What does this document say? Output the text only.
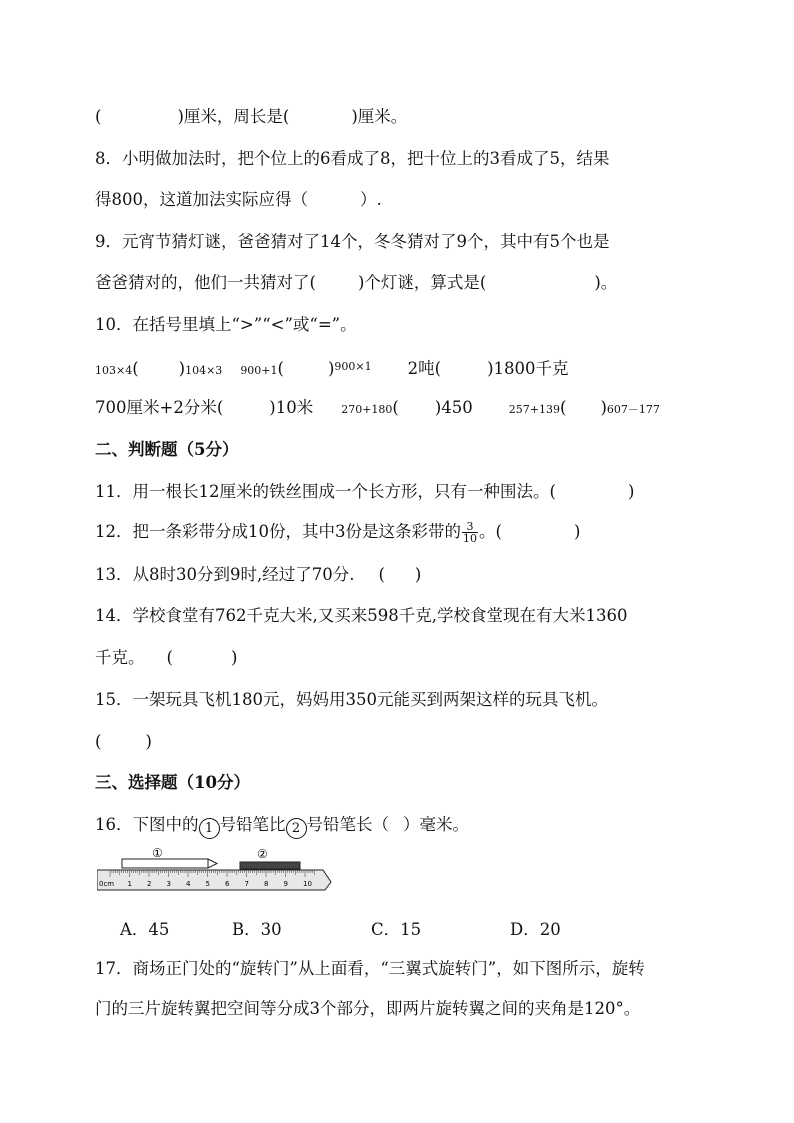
(	)厘米，周长是(	)厘米。
8．小明做加法时，把个位上的6看成了8，把十位上的3看成了5，结果
得800，这道加法实际应得（	）.
9．元宵节猜灯谜，爸爸猜对了14个，冬冬猜对了9个，其中有5个也是
爸爸猜对的，他们一共猜对了(	)个灯谜，算式是(	)。
10．在括号里填上“>”“<”或“=”。
103×4( )104×3 900+1(	)$^{900\times 1}$ 2吨(	)1800千克
700厘米+2分米(	)10米	270+180( )450	257+139( )607－177
二、判断题（5分）
11．用一根长12厘米的铁丝围成一个长方形，只有一种围法。(	)
12．把一条彩带分成10份，其中3份是这条彩带的 $\frac{3}{10}$ 。(	)
13．从8时30分到9时,经过了70分. ( )
14．学校食堂有762千克大米,又买来598千克,学校食堂现在有大米1360
千克。 (	)
15．一架玩具飞机180元，妈妈用350元能买到两架这样的玩具飞机。
(	)
三、选择题（10分）
16．下图中的 1 号铅笔比 2 号铅笔长（ ）毫米。
①	②
0cm 1 2 3 4 5 6 7 8 9 10
A．45	B．30	C．15	D．20
17．商场正门处的“旋转门”从上面看，“三翼式旋转门”，如下图所示，旋转
门的三片旋转翼把空间等分成3个部分，即两片旋转翼之间的夹角是120°。
